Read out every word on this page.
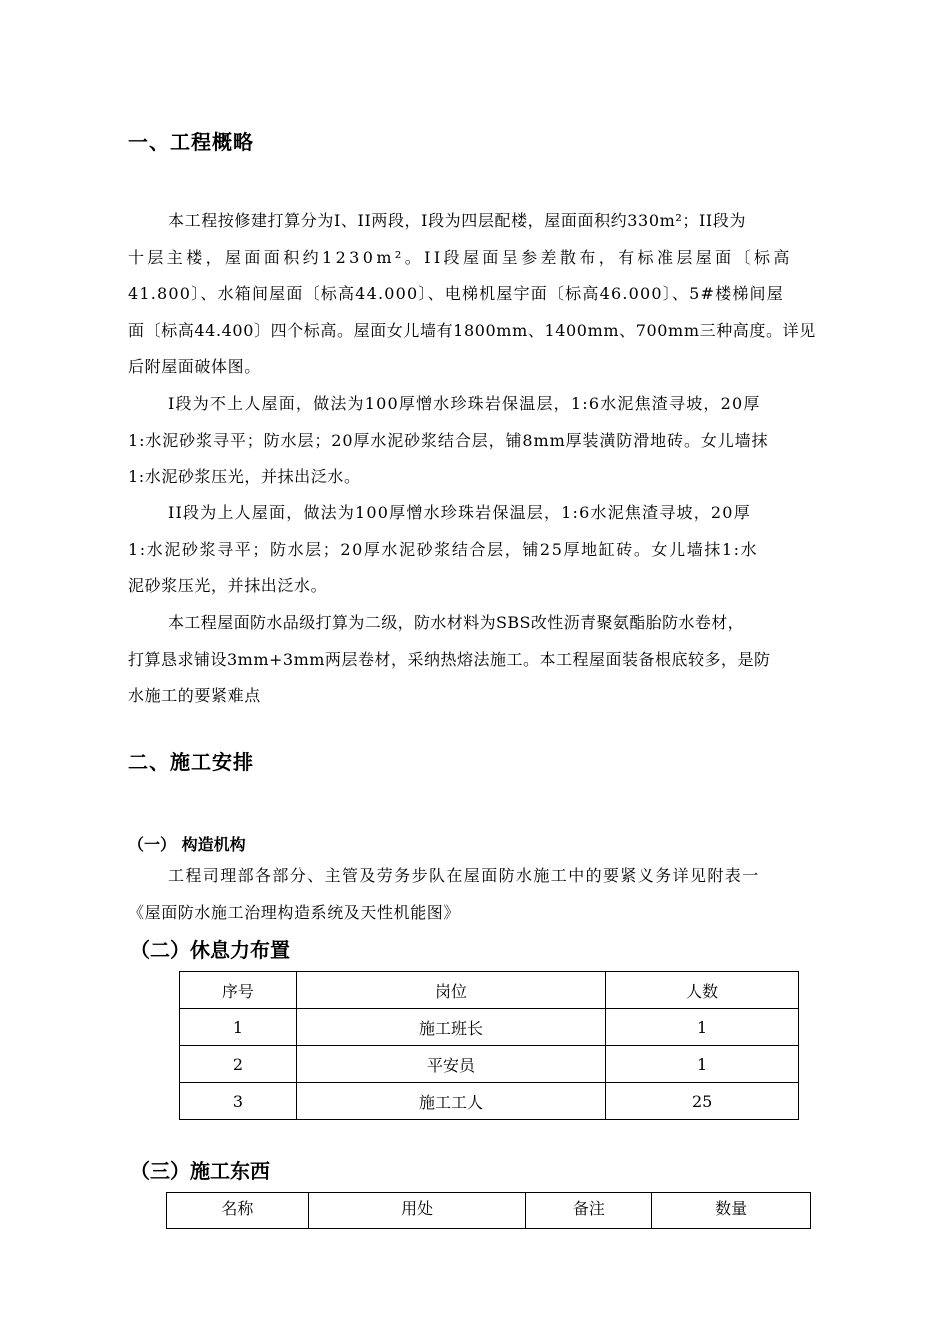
一、工程概略
本工程按修建打算分为Ⅰ、II两段，Ⅰ段为四层配楼，屋面面积约330m²；II段为
十层主楼，屋面面积约1230m²。II段屋面呈参差散布，有标准层屋面〔标高
41.800〕、水箱间屋面〔标高44.000〕、电梯机屋宇面〔标高46.000〕、5#楼梯间屋
面〔标高44.400〕四个标高。屋面女儿墙有1800mm、1400mm、700mm三种高度。详见
后附屋面破体图。
Ⅰ段为不上人屋面，做法为100厚憎水珍珠岩保温层，1:6水泥焦渣寻坡，20厚
1:水泥砂浆寻平；防水层；20厚水泥砂浆结合层，铺8mm厚装潢防滑地砖。女儿墙抹
1:水泥砂浆压光，并抹出泛水。
II段为上人屋面，做法为100厚憎水珍珠岩保温层，1:6水泥焦渣寻坡，20厚
1:水泥砂浆寻平；防水层；20厚水泥砂浆结合层，铺25厚地缸砖。女儿墙抹1:水
泥砂浆压光，并抹出泛水。
本工程屋面防水品级打算为二级，防水材料为SBS改性沥青聚氨酯胎防水卷材，
打算恳求铺设3mm+3mm两层卷材，采纳热熔法施工。本工程屋面装备根底较多，是防
水施工的要紧难点
二、施工安排
（一） 构造机构
工程司理部各部分、主管及劳务步队在屋面防水施工中的要紧义务详见附表一
《屋面防水施工治理构造系统及天性机能图》
（二）休息力布置
序号	岗位	人数
1	施工班长	1
2	平安员	1
3	施工工人	25
（三）施工东西
名称	用处	备注	数量
